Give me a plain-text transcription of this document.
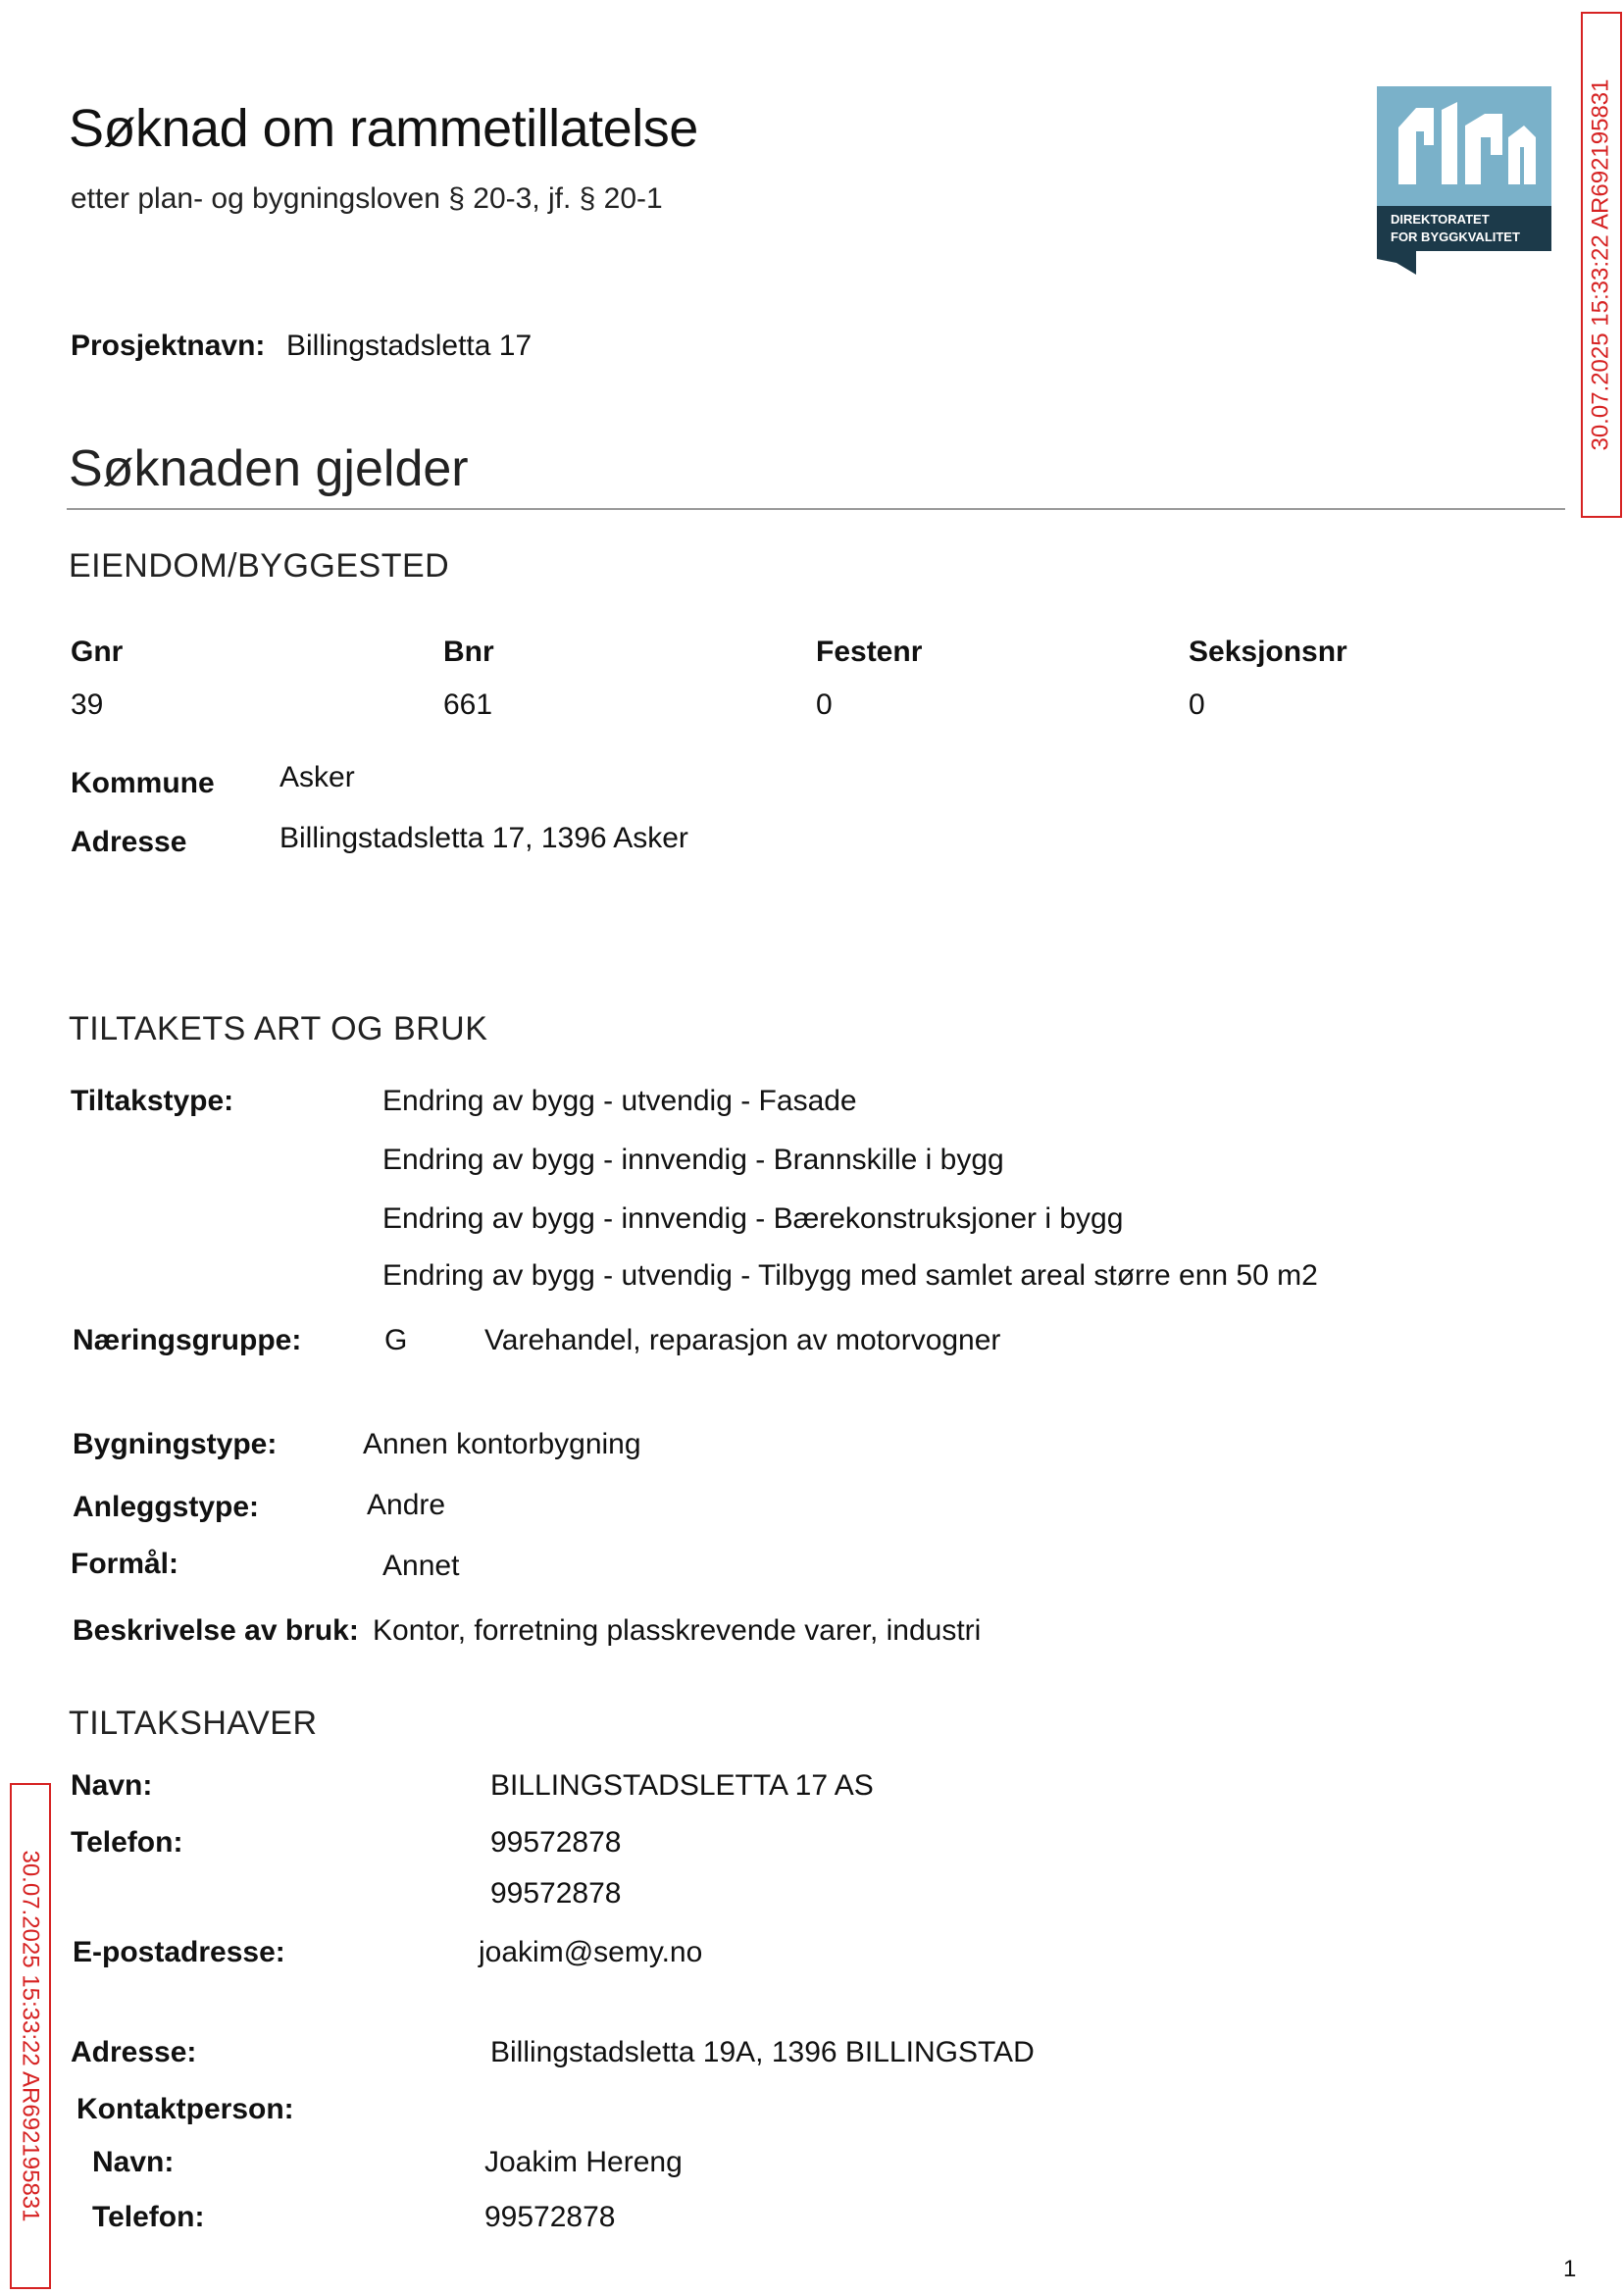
Søknad om rammetillatelse
etter plan- og bygningsloven § 20-3, jf. § 20-1
DIREKTORATET
FOR BYGGKVALITET	30.07.2025 15:33:22 AR692195831
30.07.2025 15:33:22 AR692195831
Prosjektnavn: Billingstadsletta 17
Søknaden gjelder
EIENDOM/BYGGESTED
Gnr	Bnr	Festenr	Seksjonsnr
39	661	0	0
Kommune Asker
Adresse	Billingstadsletta 17, 1396 Asker
TILTAKETS ART OG BRUK
Tiltakstype:	Endring av bygg - utvendig - Fasade
Endring av bygg - innvendig - Brannskille i bygg
Endring av bygg - innvendig - Bærekonstruksjoner i bygg
Endring av bygg - utvendig - Tilbygg med samlet areal større enn 50 m2
Næringsgruppe:	G	Varehandel, reparasjon av motorvogner
Bygningstype:	Annen kontorbygning
Anleggstype:	Andre
Formål:	Annet
Beskrivelse av bruk: Kontor, forretning plasskrevende varer, industri
TILTAKSHAVER
Navn:	BILLINGSTADSLETTA 17 AS
Telefon:	99572878
99572878
E-postadresse:	joakim@semy.no
Adresse:	Billingstadsletta 19A, 1396 BILLINGSTAD
Kontaktperson:
Navn:	Joakim Hereng
Telefon:	99572878
1
